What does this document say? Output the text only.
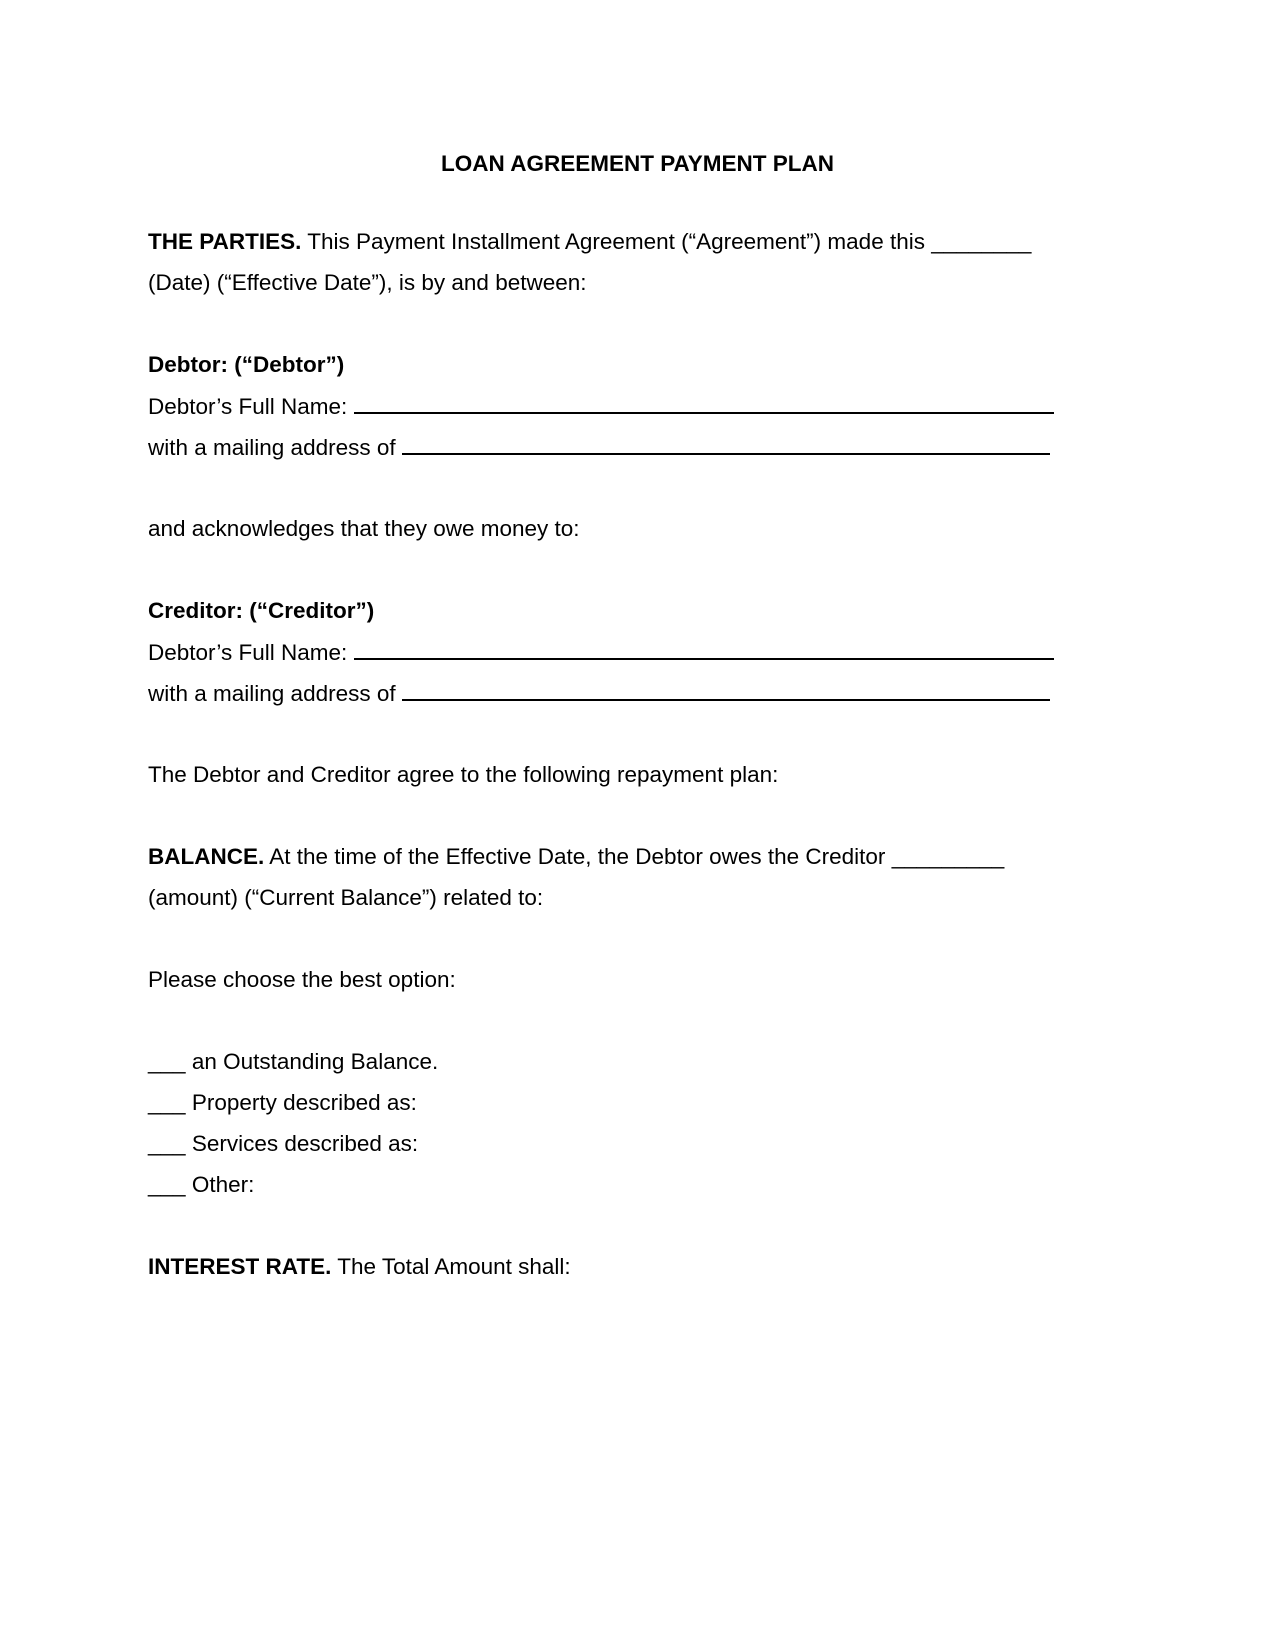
LOAN AGREEMENT PAYMENT PLAN
THE PARTIES. This Payment Installment Agreement (“Agreement”) made this ________
(Date) (“Effective Date”), is by and between:
Debtor: (“Debtor”)
Debtor’s Full Name:
with a mailing address of
and acknowledges that they owe money to:
Creditor: (“Creditor”)
Debtor’s Full Name:
with a mailing address of
The Debtor and Creditor agree to the following repayment plan:
BALANCE. At the time of the Effective Date, the Debtor owes the Creditor _________
(amount) (“Current Balance”) related to:
Please choose the best option:
___ an Outstanding Balance.
___ Property described as:
___ Services described as:
___ Other:
INTEREST RATE. The Total Amount shall:
